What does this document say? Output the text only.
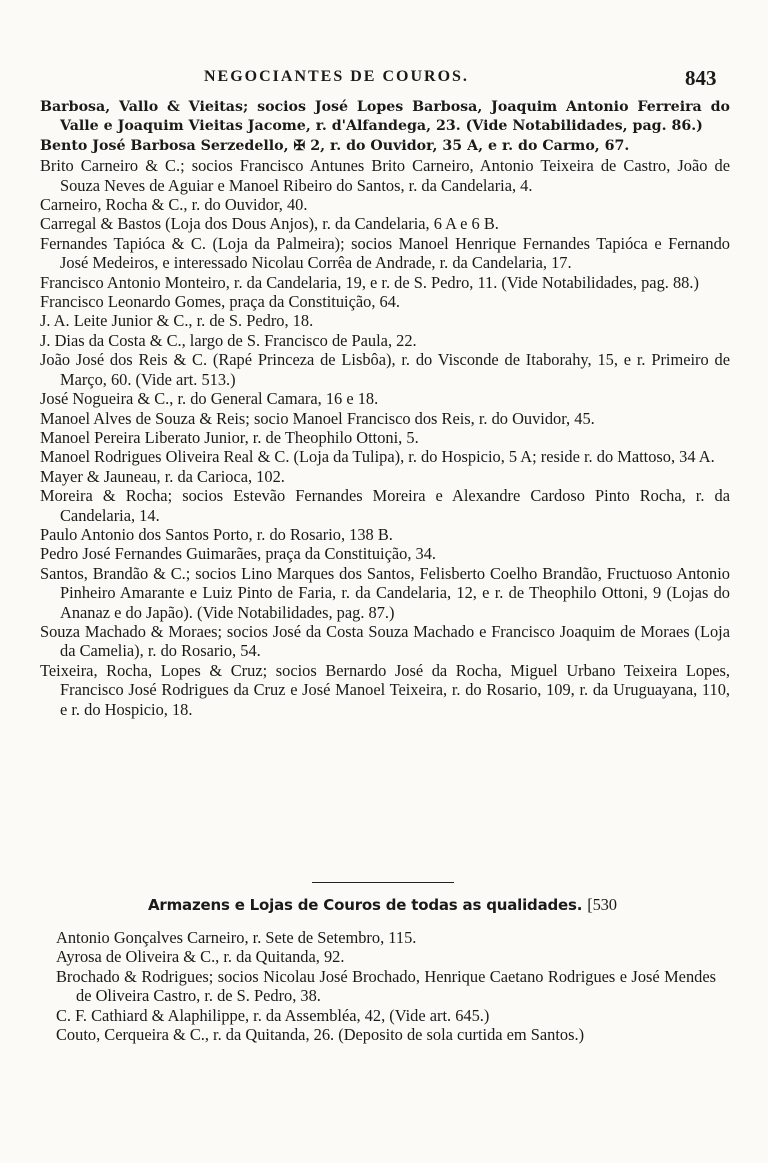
NEGOCIANTES DE COUROS.	843

Barbosa, Vallo & Vieitas; socios José Lopes Barbosa, Joaquim Antonio Ferreira do Valle e Joaquim Vieitas Jacome, r. d'Alfandega, 23. (Vide Notabilidades, pag. 86.)

Bento José Barbosa Serzedello, ✠ 2, r. do Ouvidor, 35 A, e r. do Carmo, 67.

Brito Carneiro & C.; socios Francisco Antunes Brito Carneiro, Antonio Teixeira de Castro, João de Souza Neves de Aguiar e Manoel Ribeiro do Santos, r. da Candelaria, 4.

Carneiro, Rocha & C., r. do Ouvidor, 40.

Carregal & Bastos (Loja dos Dous Anjos), r. da Candelaria, 6 A e 6 B.

Fernandes Tapióca & C. (Loja da Palmeira); socios Manoel Henrique Fernandes Tapióca e Fernando José Medeiros, e interessado Nicolau Corrêa de Andrade, r. da Candelaria, 17.

Francisco Antonio Monteiro, r. da Candelaria, 19, e r. de S. Pedro, 11. (Vide Notabilidades, pag. 88.)

Francisco Leonardo Gomes, praça da Constituição, 64.

J. A. Leite Junior & C., r. de S. Pedro, 18.

J. Dias da Costa & C., largo de S. Francisco de Paula, 22.

João José dos Reis & C. (Rapé Princeza de Lisbôa), r. do Visconde de Itaborahy, 15, e r. Primeiro de Março, 60. (Vide art. 513.)

José Nogueira & C., r. do General Camara, 16 e 18.

Manoel Alves de Souza & Reis; socio Manoel Francisco dos Reis, r. do Ouvidor, 45.

Manoel Pereira Liberato Junior, r. de Theophilo Ottoni, 5.

Manoel Rodrigues Oliveira Real & C. (Loja da Tulipa), r. do Hospicio, 5 A; reside r. do Mattoso, 34 A.

Mayer & Jauneau, r. da Carioca, 102.

Moreira & Rocha; socios Estevão Fernandes Moreira e Alexandre Cardoso Pinto Rocha, r. da Candelaria, 14.

Paulo Antonio dos Santos Porto, r. do Rosario, 138 B.

Pedro José Fernandes Guimarães, praça da Constituição, 34.

Santos, Brandão & C.; socios Lino Marques dos Santos, Felisberto Coelho Brandão, Fructuoso Antonio Pinheiro Amarante e Luiz Pinto de Faria, r. da Candelaria, 12, e r. de Theophilo Ottoni, 9 (Lojas do Ananaz e do Japão). (Vide Notabilidades, pag. 87.)

Souza Machado & Moraes; socios José da Costa Souza Machado e Francisco Joaquim de Moraes (Loja da Camelia), r. do Rosario, 54.

Teixeira, Rocha, Lopes & Cruz; socios Bernardo José da Rocha, Miguel Urbano Teixeira Lopes, Francisco José Rodrigues da Cruz e José Manoel Teixeira, r. do Rosario, 109, r. da Uruguayana, 110, e r. do Hospicio, 18.

Armazens e Lojas de Couros de todas as qualidades. [530

Antonio Gonçalves Carneiro, r. Sete de Setembro, 115.

Ayrosa de Oliveira & C., r. da Quitanda, 92.

Brochado & Rodrigues; socios Nicolau José Brochado, Henrique Caetano Rodrigues e José Mendes de Oliveira Castro, r. de S. Pedro, 38.

C. F. Cathiard & Alaphilippe, r. da Assembléa, 42, (Vide art. 645.)

Couto, Cerqueira & C., r. da Quitanda, 26. (Deposito de sola curtida em Santos.)
